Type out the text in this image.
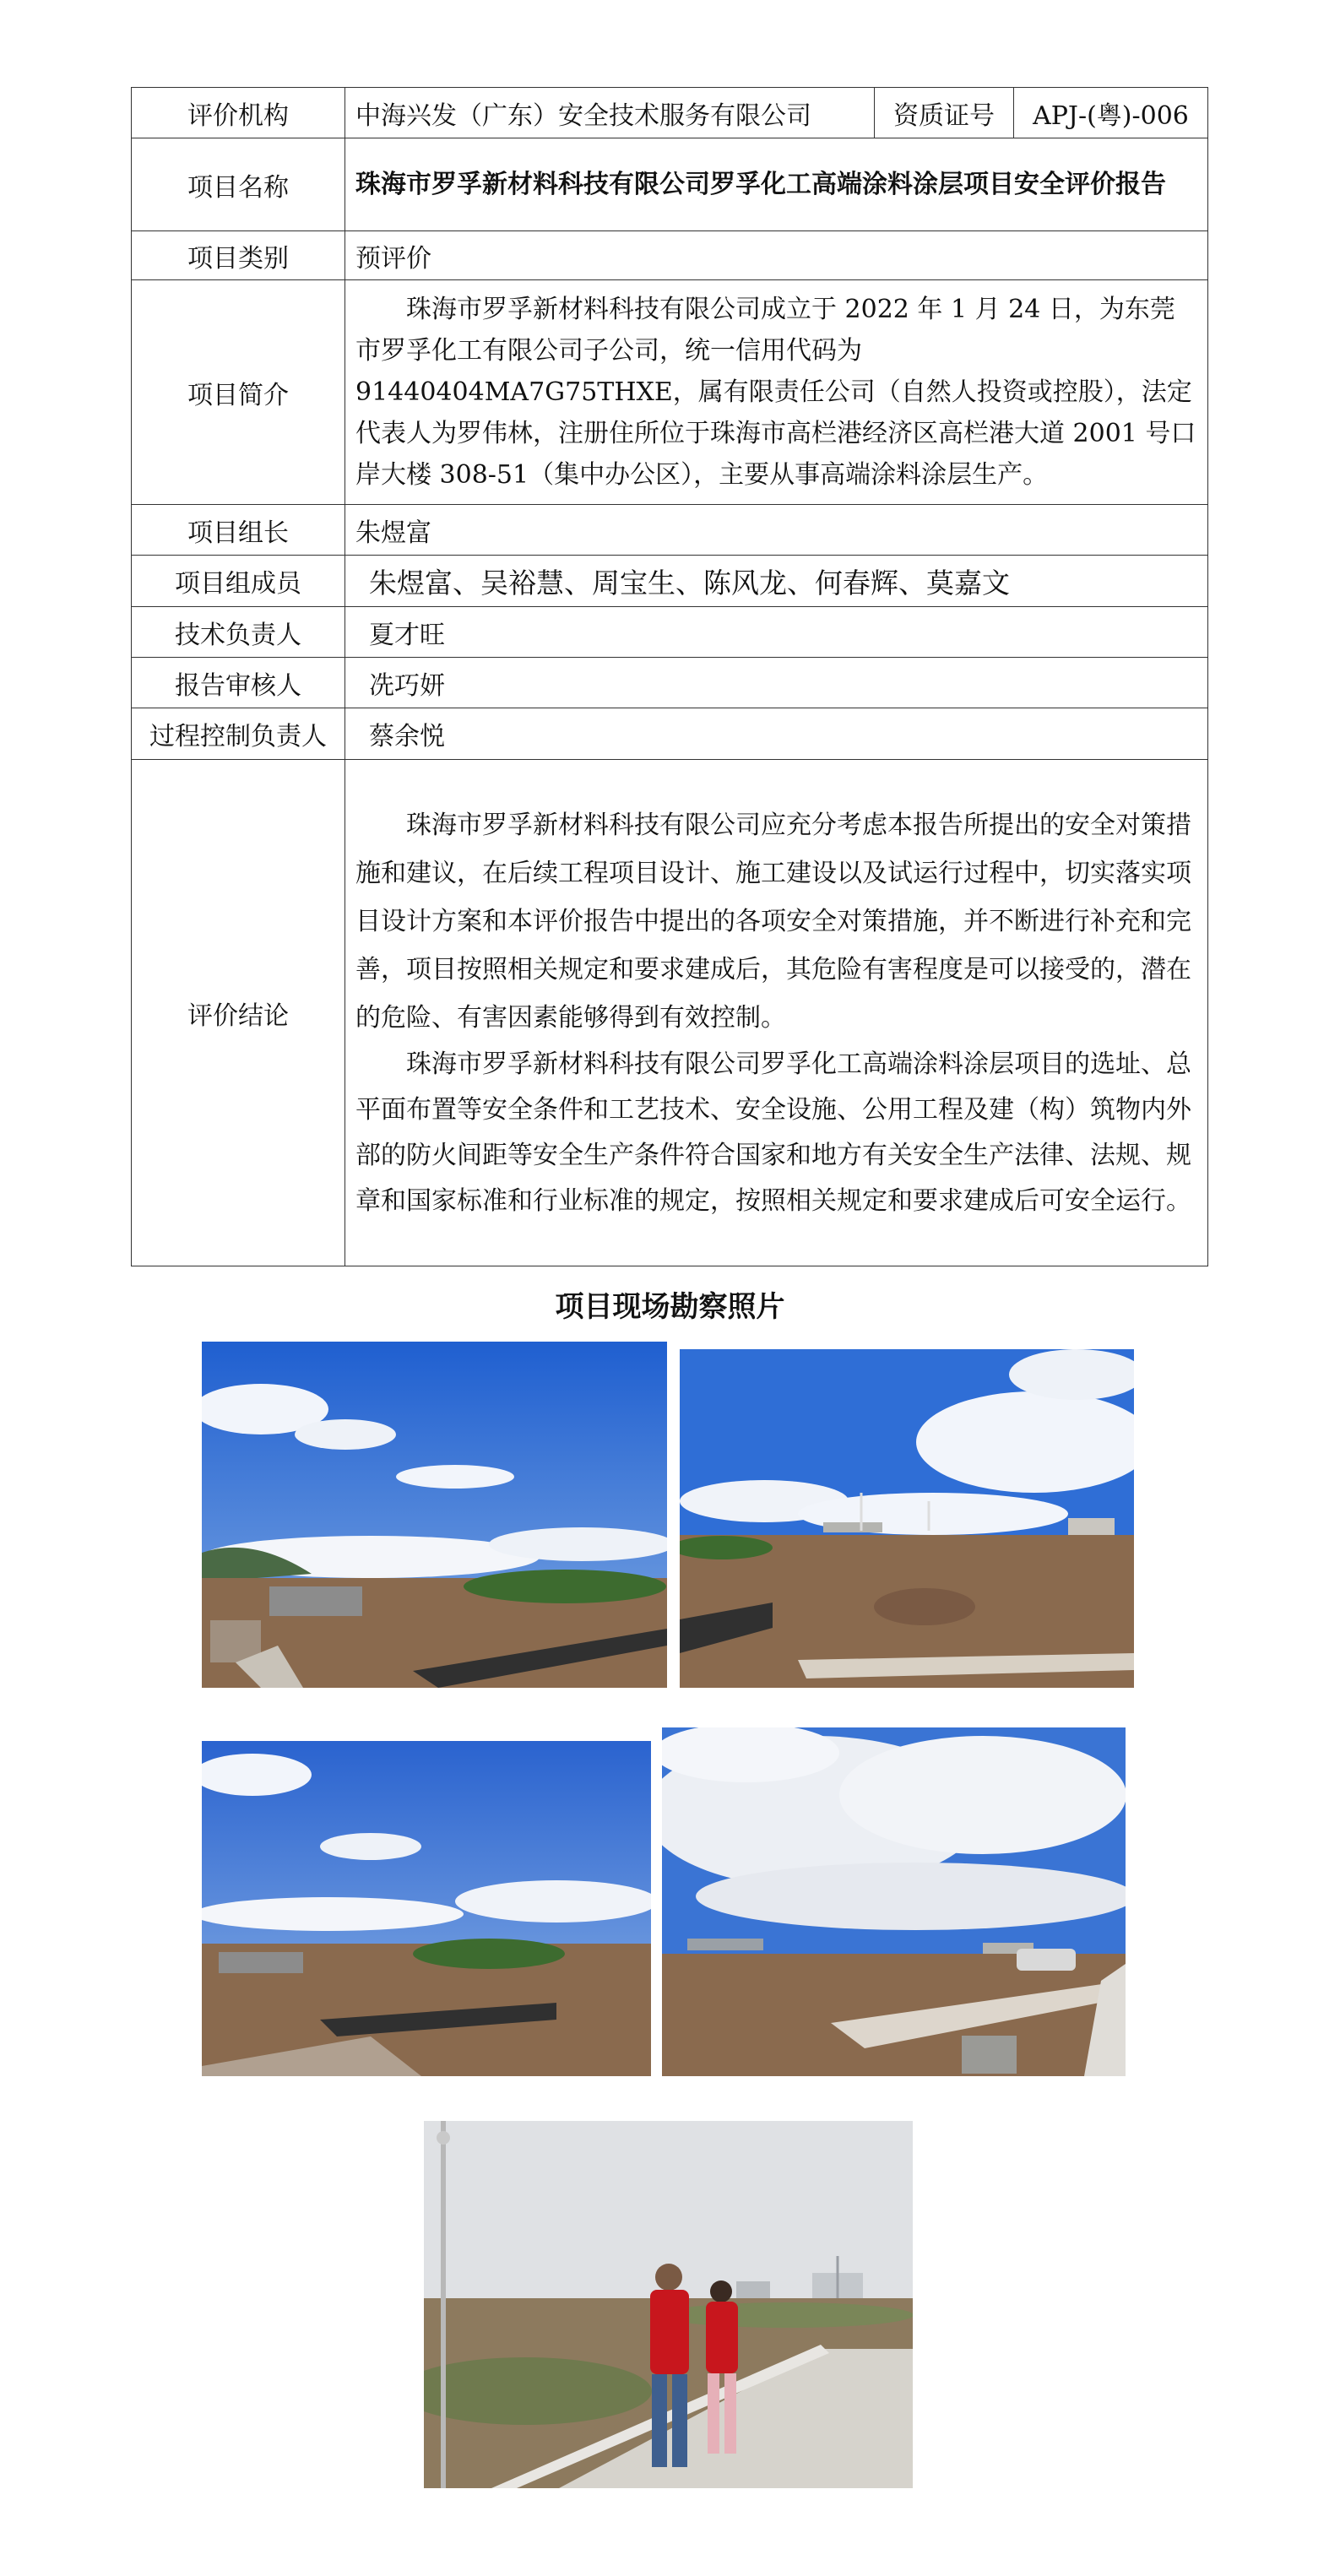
评价机构	中海兴发（广东）安全技术服务有限公司	资质证号	APJ-(粤)-006
项目名称	珠海市罗孚新材料科技有限公司罗孚化工高端涂料涂层项目安全评价报告		
项目类别	预评价		
项目简介	珠海市罗孚新材料科技有限公司成立于 2022 年 1 月 24 日，为东莞市罗孚化工有限公司子公司，统一信用代码为 91440404MA7G75THXE，属有限责任公司（自然人投资或控股），法定代表人为罗伟林，注册住所位于珠海市高栏港经济区高栏港大道 2001 号口岸大楼 308-51（集中办公区），主要从事高端涂料涂层生产。		

项目组长	朱煜富		
项目组成员	朱煜富、吴裕慧、周宝生、陈风龙、何春辉、莫嘉文		
技术负责人	夏才旺		
报告审核人	冼巧妍		
过程控制负责人	蔡余悦		
评价结论	珠海市罗孚新材料科技有限公司应充分考虑本报告所提出的安全对策措施和建议，在后续工程项目设计、施工建设以及试运行过程中，切实落实项目设计方案和本评价报告中提出的各项安全对策措施，并不断进行补充和完善，项目按照相关规定和要求建成后，其危险有害程度是可以接受的，潜在的危险、有害因素能够得到有效控制。

珠海市罗孚新材料科技有限公司罗孚化工高端涂料涂层项目的选址、总平面布置等安全条件和工艺技术、安全设施、公用工程及建（构）筑物内外部的防火间距等安全生产条件符合国家和地方有关安全生产法律、法规、规章和国家标准和行业标准的规定，按照相关规定和要求建成后可安全运行。		

项目现场勘察照片
